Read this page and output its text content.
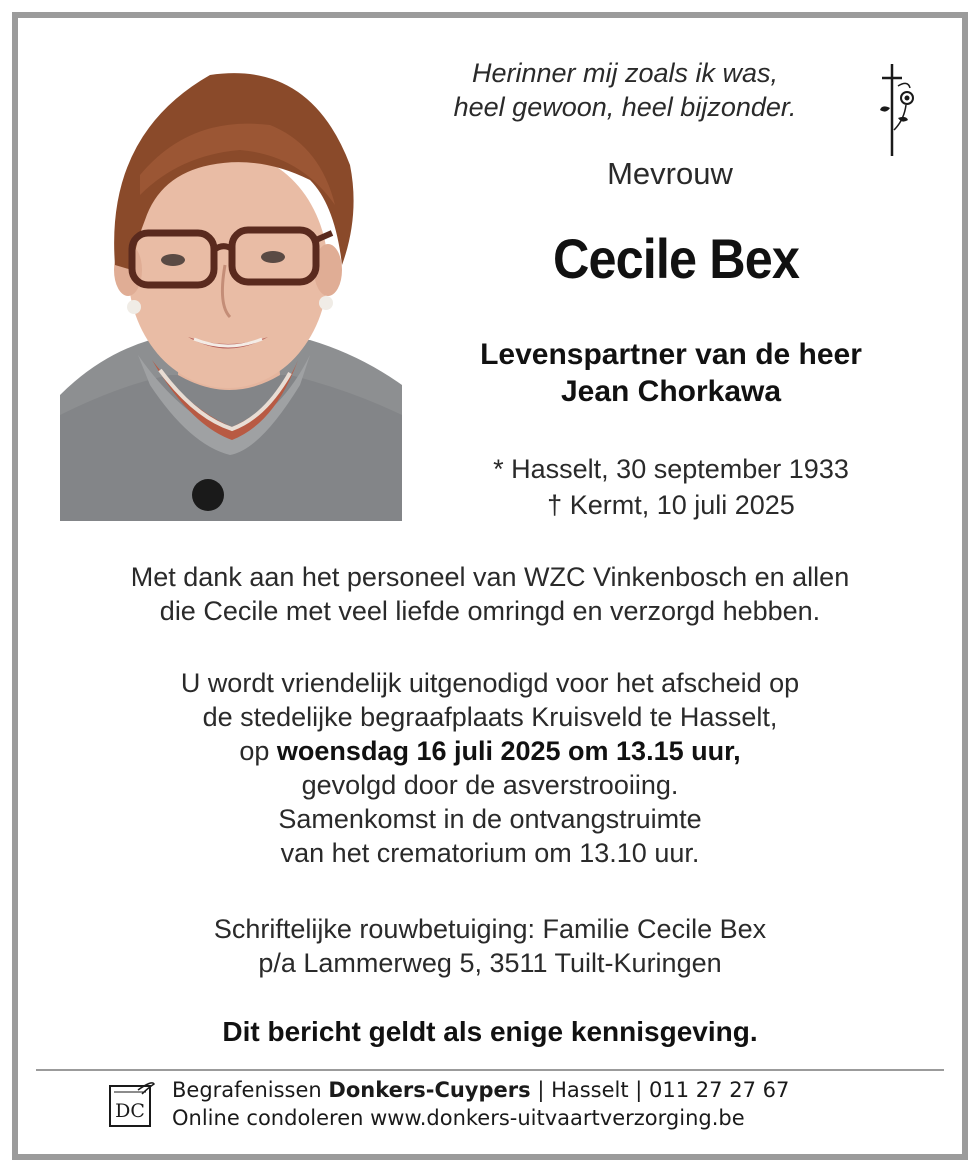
Herinner mij zoals ik was,
heel gewoon, heel bijzonder.
Mevrouw
Cecile Bex
Levenspartner van de heer
Jean Chorkawa
* Hasselt, 30 september 1933
† Kermt, 10 juli 2025
Met dank aan het personeel van WZC Vinkenbosch en allen
die Cecile met veel liefde omringd en verzorgd hebben.
U wordt vriendelijk uitgenodigd voor het afscheid op
de stedelijke begraafplaats Kruisveld te Hasselt,
op woensdag 16 juli 2025 om 13.15 uur,
gevolgd door de asverstrooiing.
Samenkomst in de ontvangstruimte
van het crematorium om 13.10 uur.
Schriftelijke rouwbetuiging: Familie Cecile Bex
p/a Lammerweg 5, 3511 Tuilt-Kuringen
Dit bericht geldt als enige kennisgeving.
DC
Begrafenissen Donkers-Cuypers | Hasselt | 011 27 27 67
Online condoleren www.donkers-uitvaartverzorging.be
